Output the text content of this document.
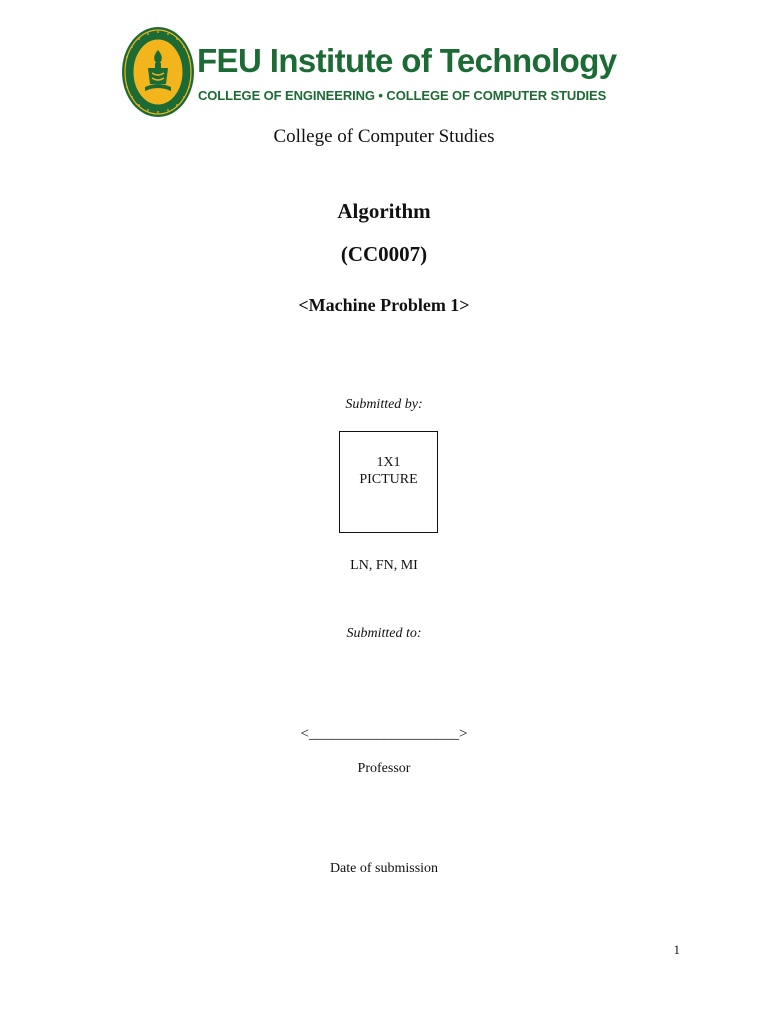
FEU Institute of Technology
COLLEGE OF ENGINEERING • COLLEGE OF COMPUTER STUDIES
College of Computer Studies
Algorithm
(CC0007)
<Machine Problem 1>
Submitted by:
1X1
PICTURE
LN, FN, MI
Submitted to:
<____________________>
Professor
Date of submission
1
